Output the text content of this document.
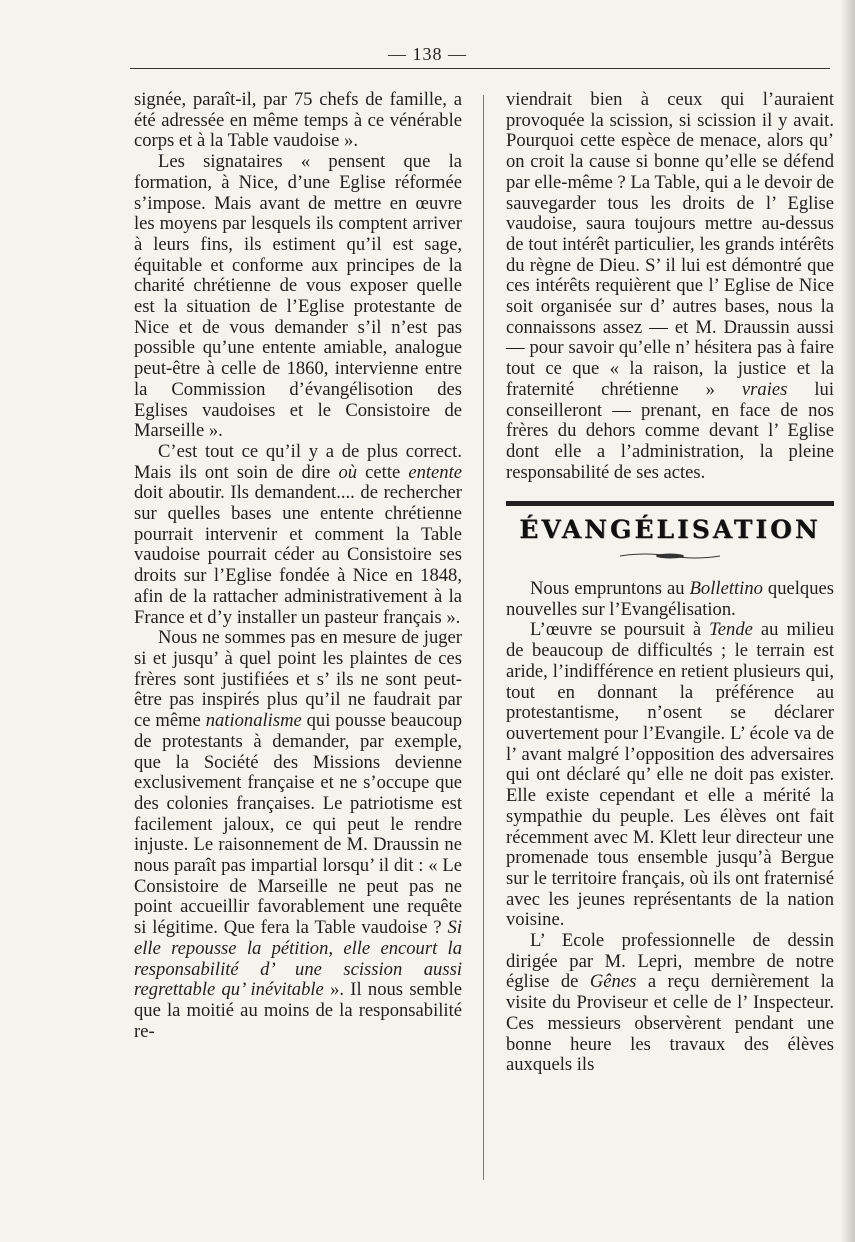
— 138 —

signée, paraît-il, par 75 chefs de famille, a été adressée en même temps à ce vénérable corps et à la Table vaudoise ».

Les signataires « pensent que la formation, à Nice, d’une Eglise réformée s’impose. Mais avant de mettre en œuvre les moyens par lesquels ils comptent arriver à leurs fins, ils estiment qu’il est sage, équitable et conforme aux principes de la charité chrétienne de vous exposer quelle est la situation de l’Eglise protestante de Nice et de vous demander s’il n’est pas possible qu’une entente amiable, analogue peut-être à celle de 1860, intervienne entre la Commission d’évangélisotion des Eglises vaudoises et le Consistoire de Marseille ».

C’est tout ce qu’il y a de plus correct. Mais ils ont soin de dire où cette entente doit aboutir. Ils demandent.... de rechercher sur quelles bases une entente chrétienne pourrait intervenir et comment la Table vaudoise pourrait céder au Consistoire ses droits sur l’Eglise fondée à Nice en 1848, afin de la rattacher administrativement à la France et d’y installer un pasteur français ».

Nous ne sommes pas en mesure de juger si et jusqu’ à quel point les plaintes de ces frères sont justifiées et s’ ils ne sont peut-être pas inspirés plus qu’il ne faudrait par ce même nationalisme qui pousse beaucoup de protestants à demander, par exemple, que la Société des Missions devienne exclusivement française et ne s’occupe que des colonies françaises. Le patriotisme est facilement jaloux, ce qui peut le rendre injuste. Le raisonnement de M. Draussin ne nous paraît pas impartial lorsqu’ il dit : « Le Consistoire de Marseille ne peut pas ne point accueillir favorablement une requête si légitime. Que fera la Table vaudoise ? Si elle repousse la pétition, elle encourt la responsabilité d’ une scission aussi regrettable qu’ inévitable ». Il nous semble que la moitié au moins de la responsabilité re-

viendrait bien à ceux qui l’auraient provoquée la scission, si scission il y avait. Pourquoi cette espèce de menace, alors qu’ on croit la cause si bonne qu’elle se défend par elle-même ? La Table, qui a le devoir de sauvegarder tous les droits de l’ Eglise vaudoise, saura toujours mettre au-dessus de tout intérêt particulier, les grands intérêts du règne de Dieu. S’ il lui est démontré que ces intérêts requièrent que l’ Eglise de Nice soit organisée sur d’ autres bases, nous la connaissons assez — et M. Draussin aussi — pour savoir qu’elle n’ hésitera pas à faire tout ce que « la raison, la justice et la fraternité chrétienne » vraies lui conseilleront — prenant, en face de nos frères du dehors comme devant l’ Eglise dont elle a l’administration, la pleine responsabilité de ses actes.

ÉVANGÉLISATION

Nous empruntons au Bollettino quelques nouvelles sur l’Evangélisation.

L’œuvre se poursuit à Tende au milieu de beaucoup de difficultés ; le terrain est aride, l’indifférence en retient plusieurs qui, tout en donnant la préférence au protestantisme, n’osent se déclarer ouvertement pour l’Evangile. L’ école va de l’ avant malgré l’opposition des adversaires qui ont déclaré qu’ elle ne doit pas exister. Elle existe cependant et elle a mérité la sympathie du peuple. Les élèves ont fait récemment avec M. Klett leur directeur une promenade tous ensemble jusqu’à Bergue sur le territoire français, où ils ont fraternisé avec les jeunes représentants de la nation voisine.

L’ Ecole professionnelle de dessin dirigée par M. Lepri, membre de notre église de Gênes a reçu dernièrement la visite du Proviseur et celle de l’ Inspecteur. Ces messieurs observèrent pendant une bonne heure les travaux des élèves auxquels ils
